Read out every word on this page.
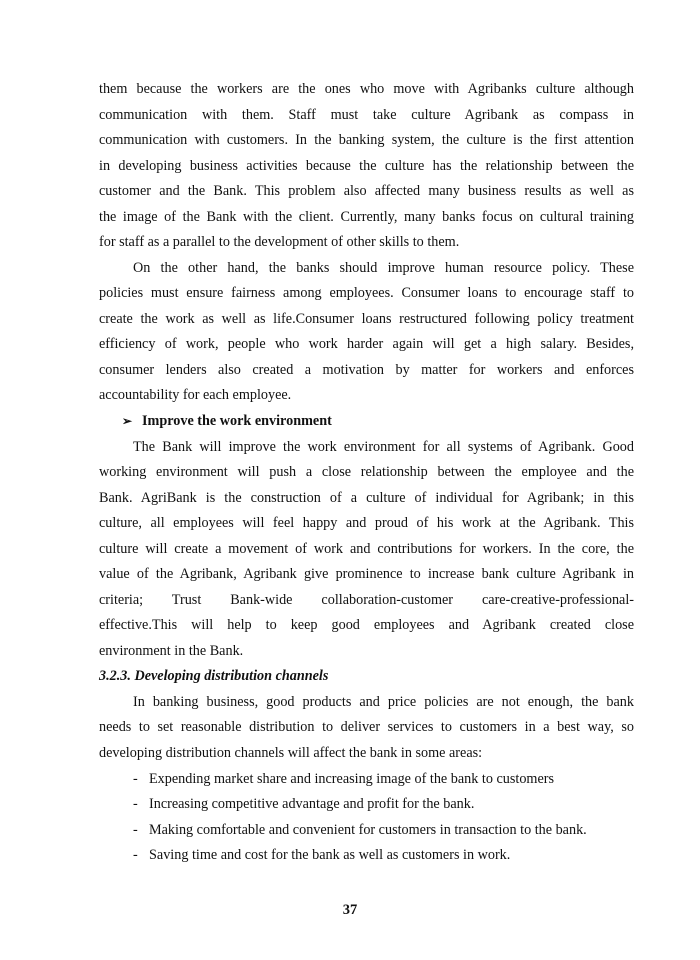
them because the workers are the ones who move with Agribanks culture although
communication with them. Staff must take culture Agribank as compass in
communication with customers. In the banking system, the culture is the first attention
in developing business activities because the culture has the relationship between the
customer and the Bank. This problem also affected many business results as well as
the image of the Bank with the client. Currently, many banks focus on cultural training
for staff as a parallel to the development of other skills to them.
On the other hand, the banks should improve human resource policy. These
policies must ensure fairness among employees. Consumer loans to encourage staff to
create the work as well as life.Consumer loans restructured following policy treatment
efficiency of work, people who work harder again will get a high salary. Besides,
consumer lenders also created a motivation by matter for workers and enforces
accountability for each employee.
➢ Improve the work environment
The Bank will improve the work environment for all systems of Agribank. Good
working environment will push a close relationship between the employee and the
Bank. AgriBank is the construction of a culture of individual for Agribank; in this
culture, all employees will feel happy and proud of his work at the Agribank. This
culture will create a movement of work and contributions for workers. In the core, the
value of the Agribank, Agribank give prominence to increase bank culture Agribank in
criteria; Trust Bank-wide collaboration-customer care-creative-professional-
effective.This will help to keep good employees and Agribank created close
environment in the Bank.
3.2.3. Developing distribution channels
In banking business, good products and price policies are not enough, the bank
needs to set reasonable distribution to deliver services to customers in a best way, so
developing distribution channels will affect the bank in some areas:
- Expending market share and increasing image of the bank to customers
- Increasing competitive advantage and profit for the bank.
- Making comfortable and convenient for customers in transaction to the bank.
- Saving time and cost for the bank as well as customers in work.
37
